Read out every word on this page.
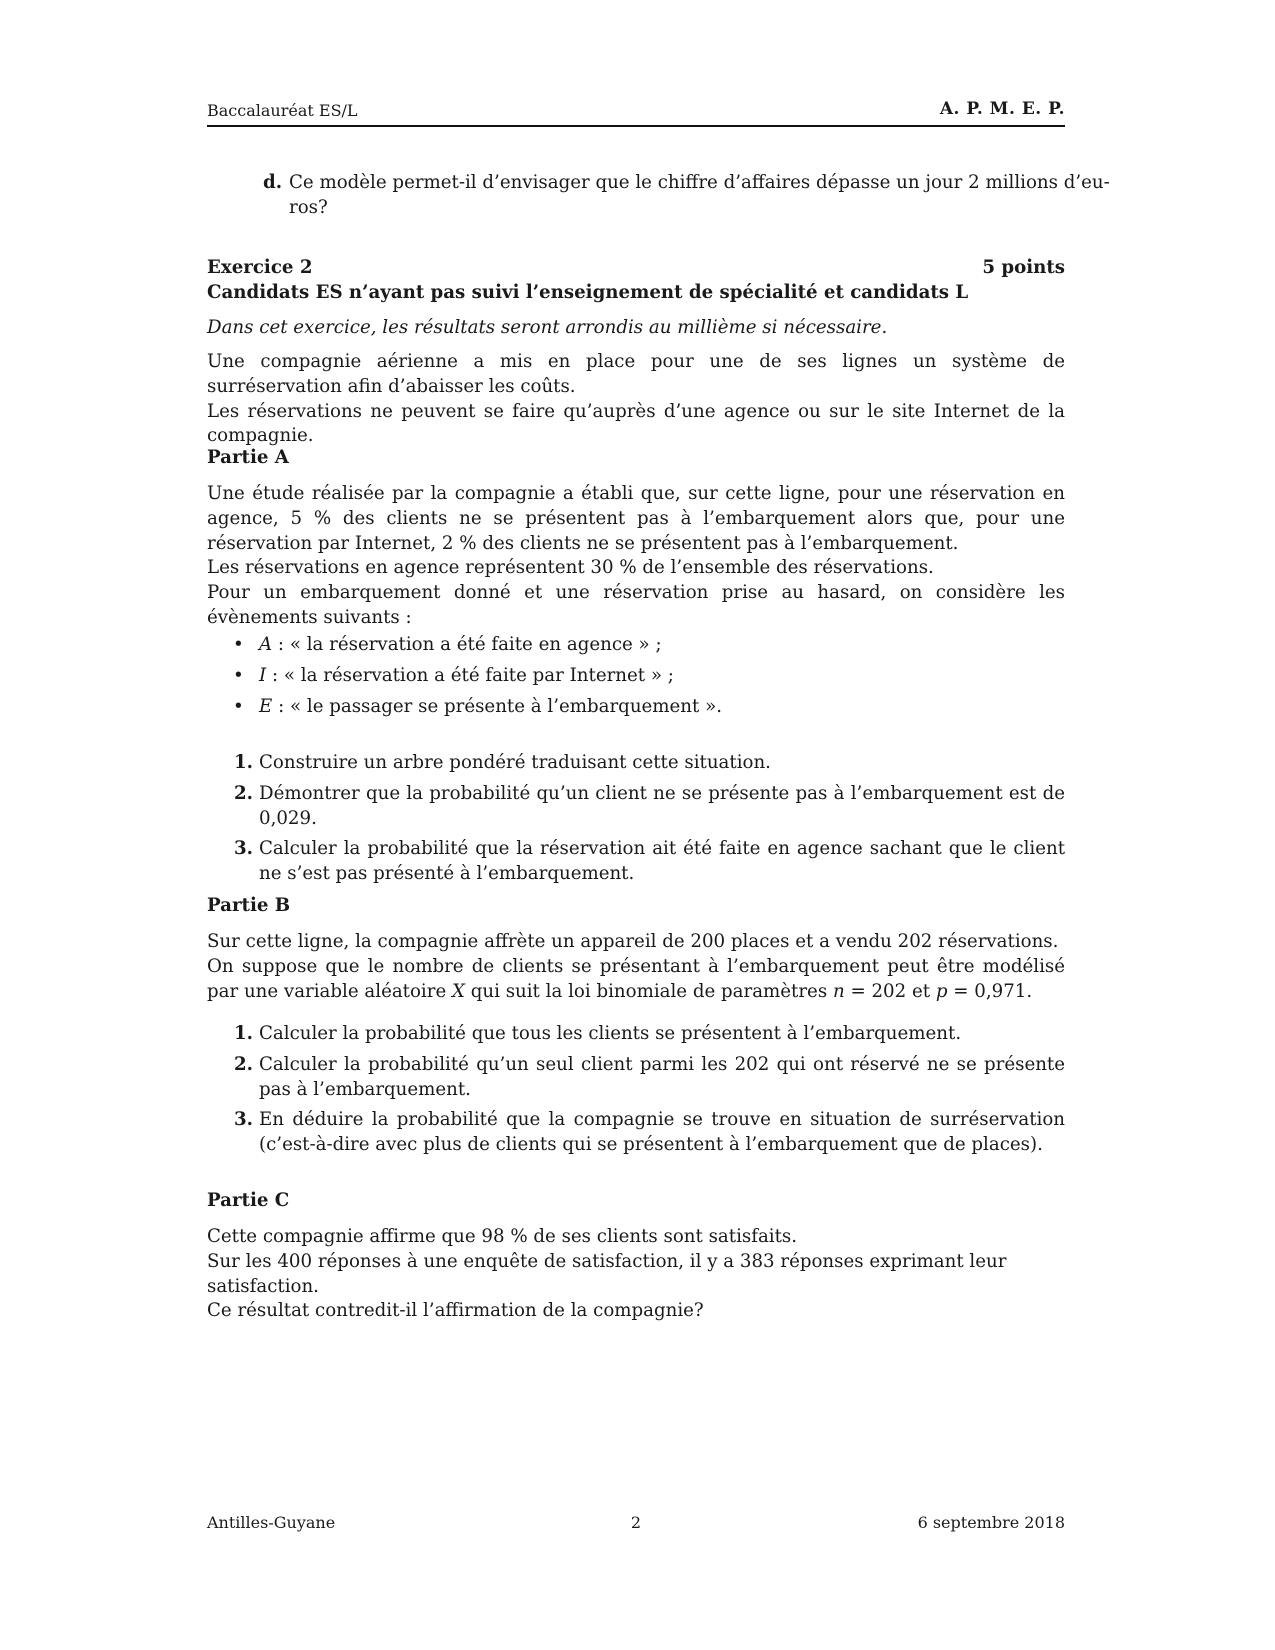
Baccalauréat ES/L	A. P. M. E. P.
d. Ce modèle permet-il d’envisager que le chiffre d’affaires dépasse un jour 2 millions d’eu-
ros?
Exercice 2	5 points
Candidats ES n’ayant pas suivi l’enseignement de spécialité et candidats L
Dans cet exercice, les résultats seront arrondis au millième si nécessaire.

Une compagnie aérienne a mis en place pour une de ses lignes un système de surréservation afin d’abaisser les coûts.

Les réservations ne peuvent se faire qu’auprès d’une agence ou sur le site Internet de la compagnie.

Partie A

Une étude réalisée par la compagnie a établi que, sur cette ligne, pour une réservation en agence, 5 % des clients ne se présentent pas à l’embarquement alors que, pour une réservation par Internet, 2 % des clients ne se présentent pas à l’embarquement.

Les réservations en agence représentent 30 % de l’ensemble des réservations.

Pour un embarquement donné et une réservation prise au hasard, on considère les évènements suivants :

• A : « la réservation a été faite en agence » ;
• I : « la réservation a été faite par Internet » ;
• E : « le passager se présente à l’embarquement ».
1. Construire un arbre pondéré traduisant cette situation.
2. Démontrer que la probabilité qu’un client ne se présente pas à l’embarquement est de 0,029.
3. Calculer la probabilité que la réservation ait été faite en agence sachant que le client ne s’est pas présenté à l’embarquement.
Partie B

Sur cette ligne, la compagnie affrète un appareil de 200 places et a vendu 202 réservations.

On suppose que le nombre de clients se présentant à l’embarquement peut être modélisé par une variable aléatoire X qui suit la loi binomiale de paramètres n = 202 et p = 0,971.

1. Calculer la probabilité que tous les clients se présentent à l’embarquement.
2. Calculer la probabilité qu’un seul client parmi les 202 qui ont réservé ne se présente pas à l’embarquement.
3. En déduire la probabilité que la compagnie se trouve en situation de surréservation (c’est-à-dire avec plus de clients qui se présentent à l’embarquement que de places).
Partie C
Cette compagnie affirme que 98 % de ses clients sont satisfaits.
Sur les 400 réponses à une enquête de satisfaction, il y a 383 réponses exprimant leur satisfaction.
Ce résultat contredit-il l’affirmation de la compagnie?
Antilles-Guyane	2	6 septembre 2018
